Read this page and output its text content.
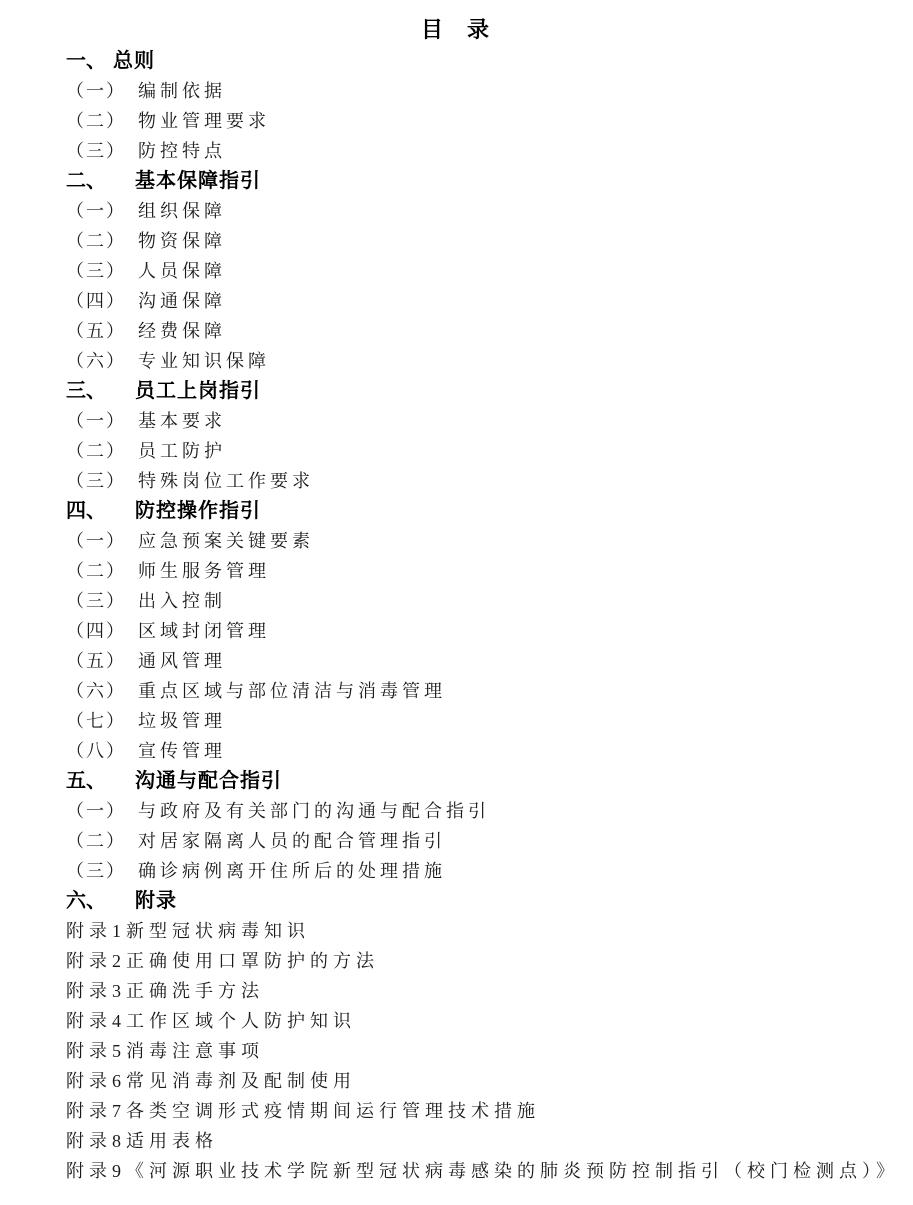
目 录
一、 总则
（一） 编制依据
（二） 物业管理要求
（三） 防控特点
二、 基本保障指引
（一） 组织保障
（二） 物资保障
（三） 人员保障
（四） 沟通保障
（五） 经费保障
（六） 专业知识保障
三、 员工上岗指引
（一） 基本要求
（二） 员工防护
（三） 特殊岗位工作要求
四、 防控操作指引
（一） 应急预案关键要素
（二） 师生服务管理
（三） 出入控制
（四） 区域封闭管理
（五） 通风管理
（六） 重点区域与部位清洁与消毒管理
（七） 垃圾管理
（八） 宣传管理
五、 沟通与配合指引
（一） 与政府及有关部门的沟通与配合指引
（二） 对居家隔离人员的配合管理指引
（三） 确诊病例离开住所后的处理措施
六、 附录
附录1新型冠状病毒知识
附录2正确使用口罩防护的方法
附录3正确洗手方法
附录4工作区域个人防护知识
附录5消毒注意事项
附录6常见消毒剂及配制使用
附录7各类空调形式疫情期间运行管理技术措施
附录8适用表格
附录9《河源职业技术学院新型冠状病毒感染的肺炎预防控制指引（校门检测点）》
